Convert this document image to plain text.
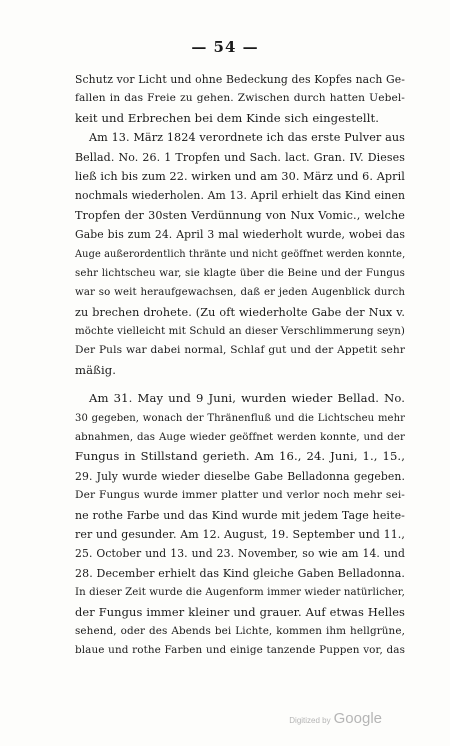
— 54 —
Schutz vor Licht und ohne Bedeckung des Kopfes nach Ge-
fallen in das Freie zu gehen. Zwischen durch hatten Uebel-
keit und Erbrechen bei dem Kinde sich eingestellt.
Am 13. März 1824 verordnete ich das erste Pulver aus
Bellad. No. 26. 1 Tropfen und Sach. lact. Gran. IV. Dieses
ließ ich bis zum 22. wirken und am 30. März und 6. April
nochmals wiederholen. Am 13. April erhielt das Kind einen
Tropfen der 30sten Verdünnung von Nux Vomic., welche
Gabe bis zum 24. April 3 mal wiederholt wurde, wobei das
Auge außerordentlich thränte und nicht geöffnet werden konnte,
sehr lichtscheu war, sie klagte über die Beine und der Fungus
war so weit heraufgewachsen, daß er jeden Augenblick durch
zu brechen drohete. (Zu oft wiederholte Gabe der Nux v.
möchte vielleicht mit Schuld an dieser Verschlimmerung seyn)
Der Puls war dabei normal, Schlaf gut und der Appetit sehr
mäßig.
Am 31. May und 9 Juni, wurden wieder Bellad. No.
30 gegeben, wonach der Thränenfluß und die Lichtscheu mehr
abnahmen, das Auge wieder geöffnet werden konnte, und der
Fungus in Stillstand gerieth. Am 16., 24. Juni, 1., 15.,
29. July wurde wieder dieselbe Gabe Belladonna gegeben.
Der Fungus wurde immer platter und verlor noch mehr sei-
ne rothe Farbe und das Kind wurde mit jedem Tage heite-
rer und gesunder. Am 12. August, 19. September und 11.,
25. October und 13. und 23. November, so wie am 14. und
28. December erhielt das Kind gleiche Gaben Belladonna.
In dieser Zeit wurde die Augenform immer wieder natürlicher,
der Fungus immer kleiner und grauer. Auf etwas Helles
sehend, oder des Abends bei Lichte, kommen ihm hellgrüne,
blaue und rothe Farben und einige tanzende Puppen vor, das
Digitized by Google
